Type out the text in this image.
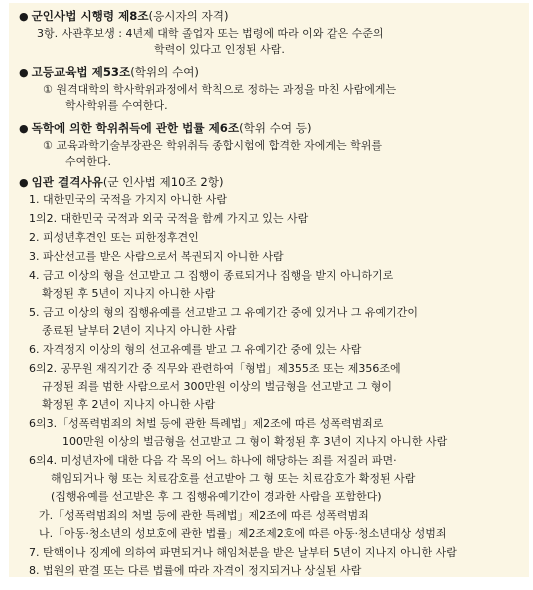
● 군인사법 시행령 제8조(응시자의 자격)
3항. 사관후보생 : 4년제 대학 졸업자 또는 법령에 따라 이와 같은 수준의
학력이 있다고 인정된 사람.
● 고등교육법 제53조(학위의 수여)
① 원격대학의 학사학위과정에서 학칙으로 정하는 과정을 마친 사람에게는
학사학위를 수여한다.
● 독학에 의한 학위취득에 관한 법률 제6조(학위 수여 등)
① 교육과학기술부장관은 학위취득 종합시험에 합격한 자에게는 학위를
수여한다.
● 임관 결격사유(군 인사법 제10조 2항)
1. 대한민국의 국적을 가지지 아니한 사람
1의2. 대한민국 국적과 외국 국적을 함께 가지고 있는 사람
2. 피성년후견인 또는 피한정후견인
3. 파산선고를 받은 사람으로서 복권되지 아니한 사람
4. 금고 이상의 형을 선고받고 그 집행이 종료되거나 집행을 받지 아니하기로
확정된 후 5년이 지나지 아니한 사람
5. 금고 이상의 형의 집행유예를 선고받고 그 유예기간 중에 있거나 그 유예기간이
종료된 날부터 2년이 지나지 아니한 사람
6. 자격정지 이상의 형의 선고유예를 받고 그 유예기간 중에 있는 사람
6의2. 공무원 재직기간 중 직무와 관련하여「형법」제355조 또는 제356조에
규정된 죄를 범한 사람으로서 300만원 이상의 벌금형을 선고받고 그 형이
확정된 후 2년이 지나지 아니한 사람
6의3.「성폭력범죄의 처벌 등에 관한 특례법」제2조에 따른 성폭력범죄로
100만원 이상의 벌금형을 선고받고 그 형이 확정된 후 3년이 지나지 아니한 사람
6의4. 미성년자에 대한 다음 각 목의 어느 하나에 해당하는 죄를 저질러 파면·
해임되거나 형 또는 치료감호를 선고받아 그 형 또는 치료감호가 확정된 사람
(집행유예를 선고받은 후 그 집행유예기간이 경과한 사람을 포함한다)
가.「성폭력범죄의 처벌 등에 관한 특례법」제2조에 따른 성폭력범죄
나.「아동·청소년의 성보호에 관한 법률」제2조제2호에 따른 아동·청소년대상 성범죄
7. 탄핵이나 징계에 의하여 파면되거나 해임처분을 받은 날부터 5년이 지나지 아니한 사람
8. 법원의 판결 또는 다른 법률에 따라 자격이 정지되거나 상실된 사람
